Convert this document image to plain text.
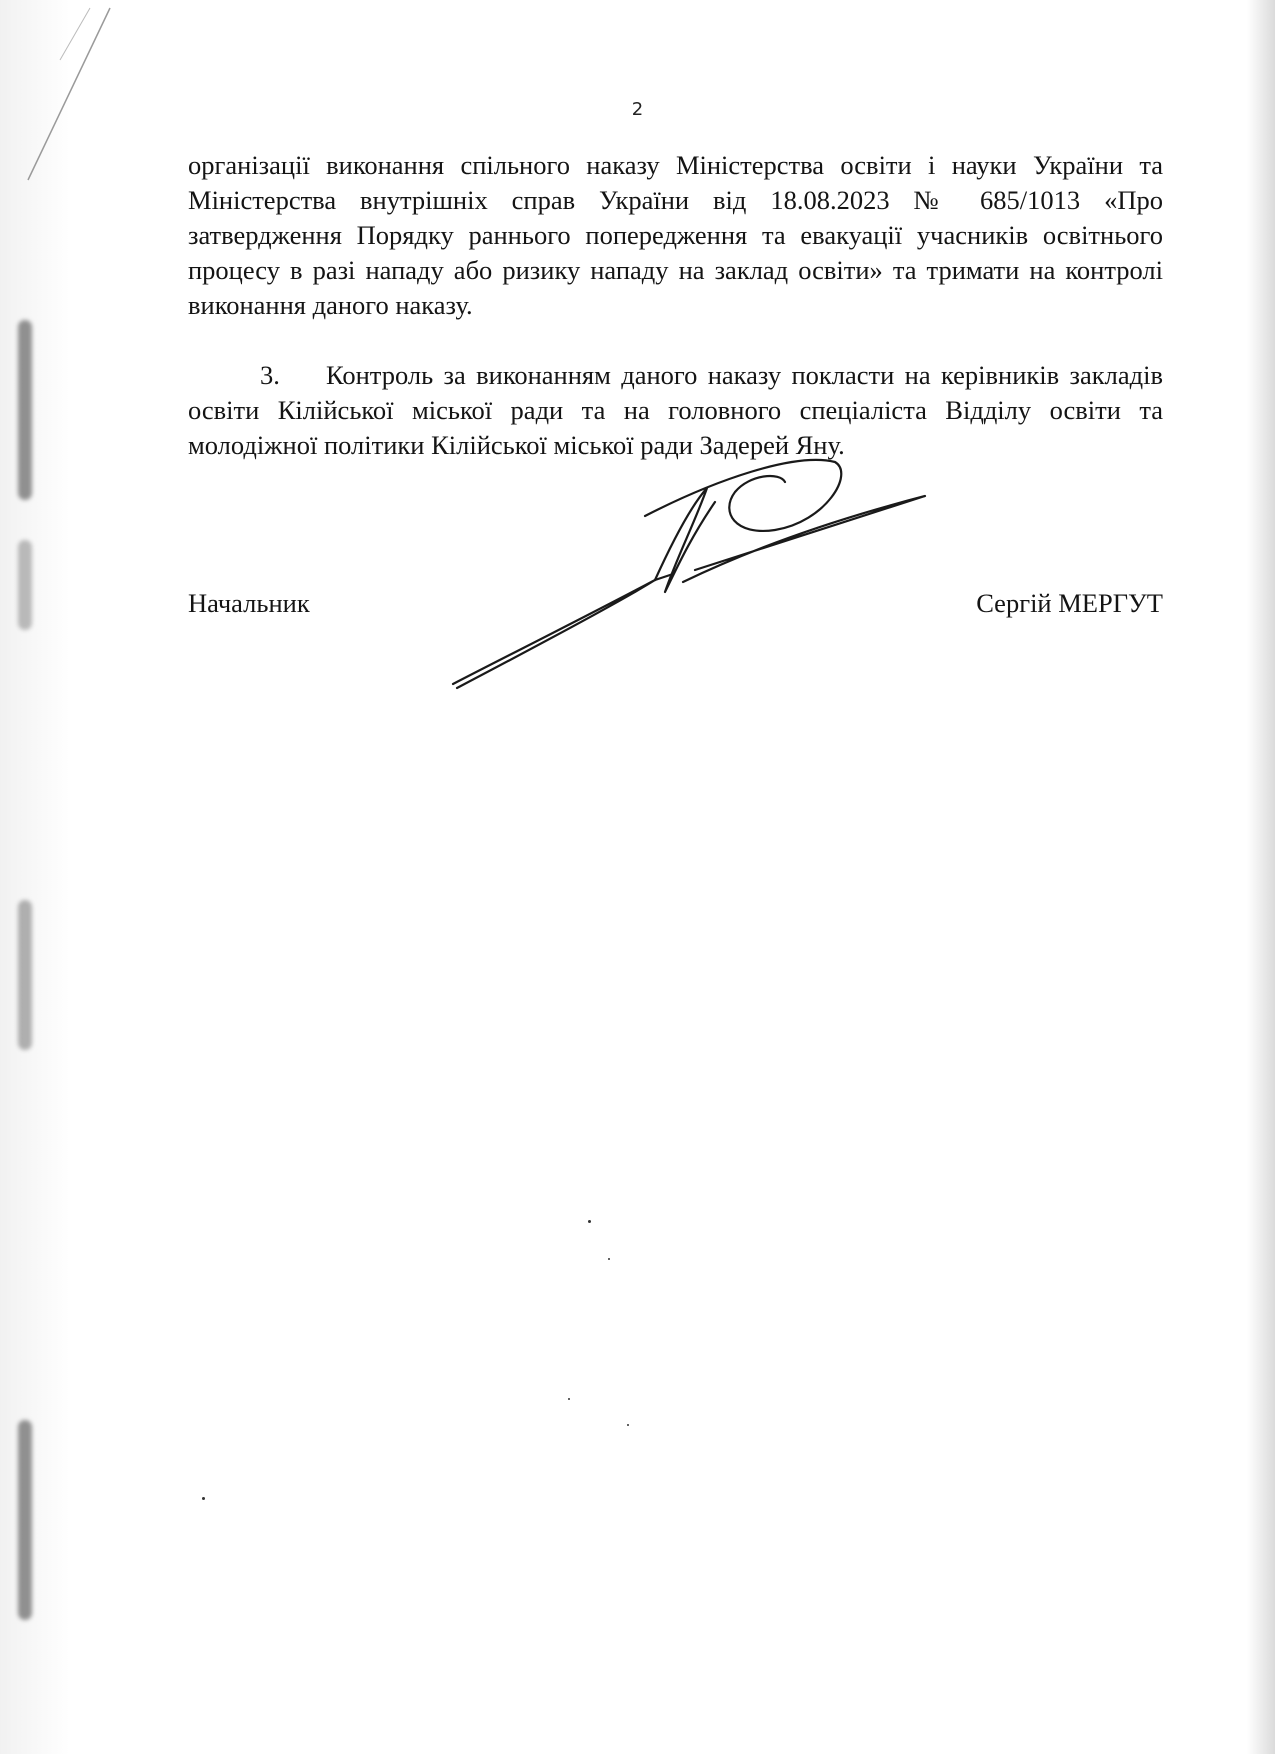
2

організації виконання спільного наказу Міністерства освіти і науки України та Міністерства внутрішніх справ України від 18.08.2023 № 685/1013 «Про затвердження Порядку раннього попередження та евакуації учасників освітнього процесу в разі нападу або ризику нападу на заклад освіти» та тримати на контролі виконання даного наказу.

3. Контроль за виконанням даного наказу покласти на керівників закладів освіти Кілійської міської ради та на головного спеціаліста Відділу освіти та молодіжної політики Кілійської міської ради Задерей Яну.

Начальник	Сергій МЕРГУТ
